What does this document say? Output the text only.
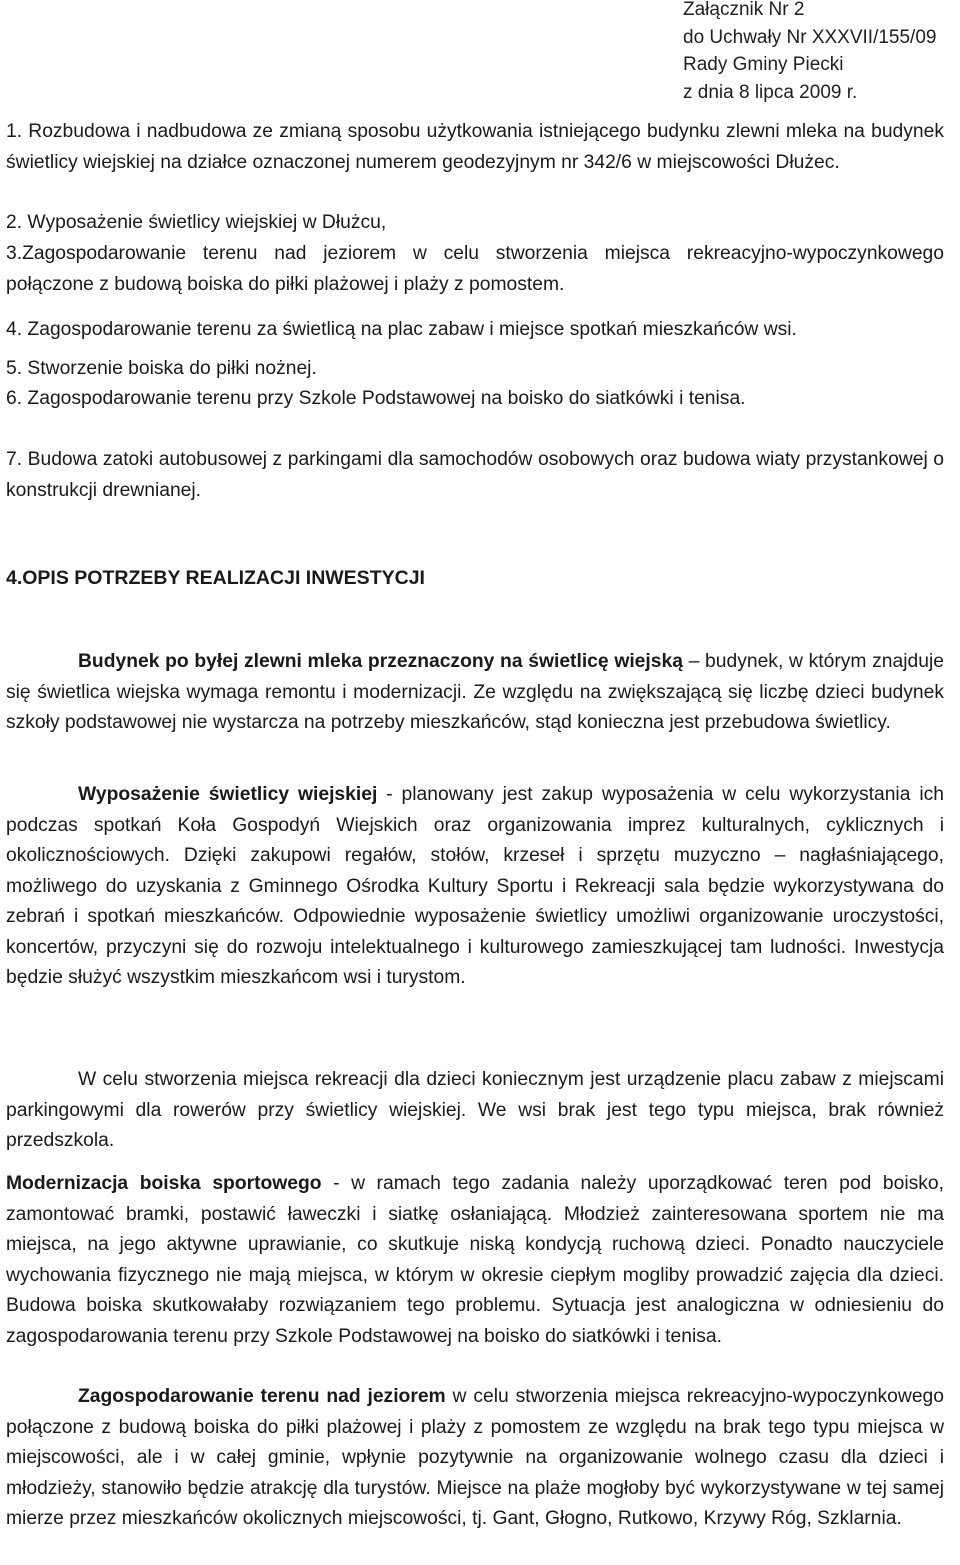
Załącznik Nr 2
do Uchwały Nr XXXVII/155/09
Rady Gminy Piecki
z dnia 8 lipca 2009 r.
1. Rozbudowa i nadbudowa ze zmianą sposobu użytkowania istniejącego budynku zlewni mleka na budynek świetlicy wiejskiej na działce oznaczonej numerem geodezyjnym nr 342/6 w miejscowości Dłużec.
2. Wyposażenie świetlicy wiejskiej w Dłużcu,
3.Zagospodarowanie terenu nad jeziorem w celu stworzenia miejsca rekreacyjno-wypoczynkowego połączone z budową boiska do piłki plażowej i plaży z pomostem.
4. Zagospodarowanie terenu za świetlicą na plac zabaw i miejsce spotkań mieszkańców wsi.
5. Stworzenie boiska do piłki nożnej.
6. Zagospodarowanie terenu przy Szkole Podstawowej na boisko do siatkówki i tenisa.
7. Budowa zatoki autobusowej z parkingami dla samochodów osobowych oraz budowa wiaty przystankowej o konstrukcji drewnianej.
4.OPIS POTRZEBY REALIZACJI INWESTYCJI
Budynek po byłej zlewni mleka przeznaczony na świetlicę wiejską – budynek, w którym znajduje się świetlica wiejska wymaga remontu i modernizacji. Ze względu na zwiększającą się liczbę dzieci budynek szkoły podstawowej nie wystarcza na potrzeby mieszkańców, stąd konieczna jest przebudowa świetlicy.
Wyposażenie świetlicy wiejskiej - planowany jest zakup wyposażenia w celu wykorzystania ich podczas spotkań Koła Gospodyń Wiejskich oraz organizowania imprez kulturalnych, cyklicznych i okolicznościowych. Dzięki zakupowi regałów, stołów, krzeseł i sprzętu muzyczno – nagłaśniającego, możliwego do uzyskania z Gminnego Ośrodka Kultury Sportu i Rekreacji sala będzie wykorzystywana do zebrań i spotkań mieszkańców. Odpowiednie wyposażenie świetlicy umożliwi organizowanie uroczystości, koncertów, przyczyni się do rozwoju intelektualnego i kulturowego zamieszkującej tam ludności. Inwestycja będzie służyć wszystkim mieszkańcom wsi i turystom.
W celu stworzenia miejsca rekreacji dla dzieci koniecznym jest urządzenie placu zabaw z miejscami parkingowymi dla rowerów przy świetlicy wiejskiej. We wsi brak jest tego typu miejsca, brak również przedszkola.
Modernizacja boiska sportowego - w ramach tego zadania należy uporządkować teren pod boisko, zamontować bramki, postawić ławeczki i siatkę osłaniającą. Młodzież zainteresowana sportem nie ma miejsca, na jego aktywne uprawianie, co skutkuje niską kondycją ruchową dzieci. Ponadto nauczyciele wychowania fizycznego nie mają miejsca, w którym w okresie ciepłym mogliby prowadzić zajęcia dla dzieci. Budowa boiska skutkowałaby rozwiązaniem tego problemu. Sytuacja jest analogiczna w odniesieniu do zagospodarowania terenu przy Szkole Podstawowej na boisko do siatkówki i tenisa.
Zagospodarowanie terenu nad jeziorem w celu stworzenia miejsca rekreacyjno-wypoczynkowego połączone z budową boiska do piłki plażowej i plaży z pomostem ze względu na brak tego typu miejsca w miejscowości, ale i w całej gminie, wpłynie pozytywnie na organizowanie wolnego czasu dla dzieci i młodzieży, stanowiło będzie atrakcję dla turystów. Miejsce na plaże mogłoby być wykorzystywane w tej samej mierze przez mieszkańców okolicznych miejscowości, tj. Gant, Głogno, Rutkowo, Krzywy Róg, Szklarnia.
